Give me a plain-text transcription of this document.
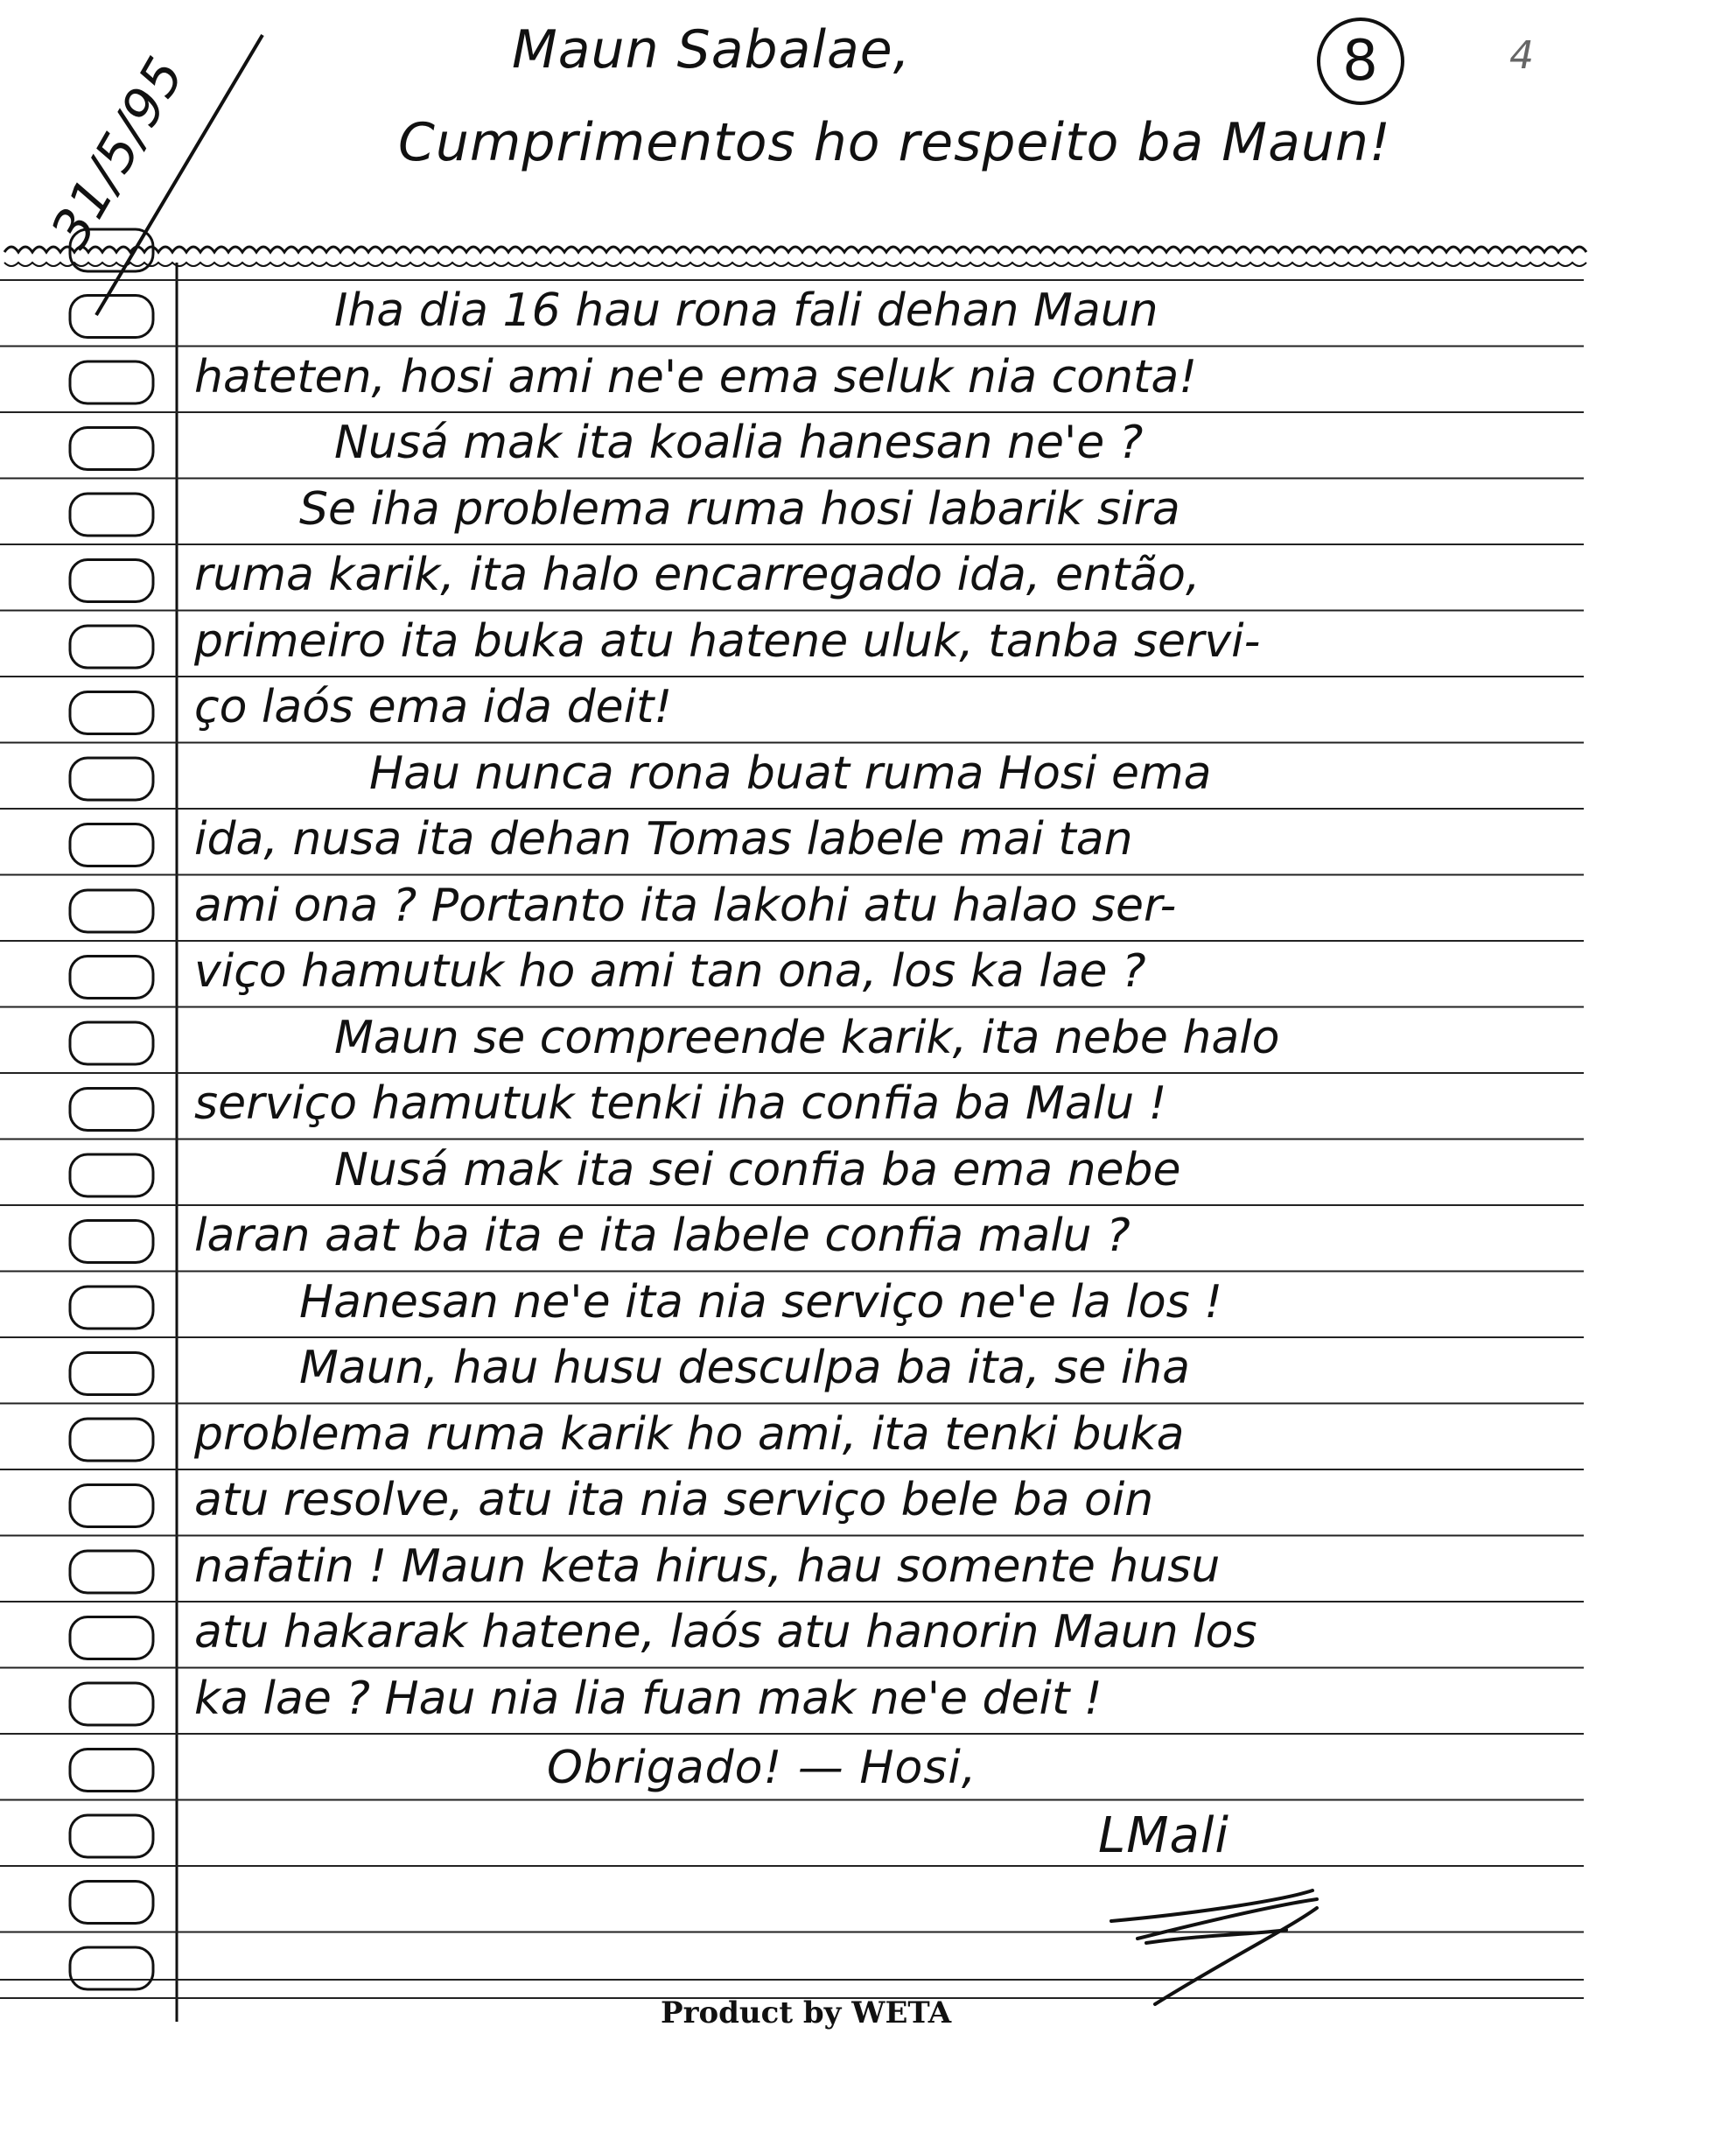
Maun Sabalae,
Cumprimentos ho respeito ba Maun!
8	4
31/5/95
Iha dia 16 hau rona fali dehan Maun
hateten, hosi ami ne'e ema seluk nia conta!
Nusá mak ita koalia hanesan ne'e ?
Se iha problema ruma hosi labarik sira
ruma karik, ita halo encarregado ida, então,
primeiro ita buka atu hatene uluk, tanba servi-
ço laós ema ida deit!
Hau nunca rona buat ruma Hosi ema
ida, nusa ita dehan Tomas labele mai tan
ami ona ? Portanto ita lakohi atu halao ser-
viço hamutuk ho ami tan ona, los ka lae ?
Maun se compreende karik, ita nebe halo
serviço hamutuk tenki iha confia ba Malu !
Nusá mak ita sei confia ba ema nebe
laran aat ba ita e ita labele confia malu ?
Hanesan ne'e ita nia serviço ne'e la los !
Maun, hau husu desculpa ba ita, se iha
problema ruma karik ho ami, ita tenki buka
atu resolve, atu ita nia serviço bele ba oin
nafatin ! Maun keta hirus, hau somente husu
atu hakarak hatene, laós atu hanorin Maun los
ka lae ? Hau nia lia fuan mak ne'e deit !
Obrigado! — Hosi,
LMali
Product by WETA
